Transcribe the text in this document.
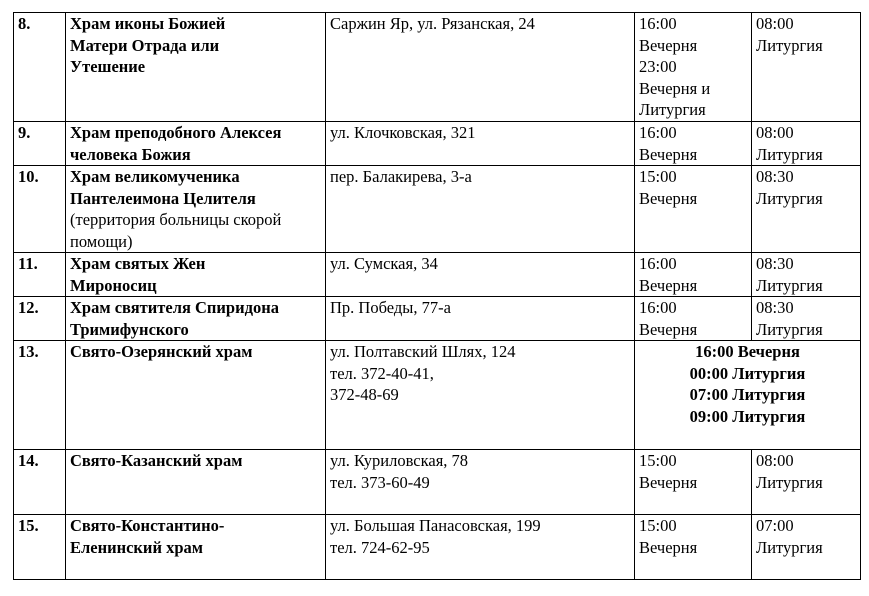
8.	Храм иконы Божией
Матери Отрада или
Утешение	Саржин Яр, ул. Рязанская, 24	16:00
Вечерня
23:00
Вечерня и
Литургия	08:00
Литургия

9.	Храм преподобного Алексея
человека Божия	ул. Клочковская, 321	16:00
Вечерня	08:00
Литургия

10.	Храм великомученика
Пантелеимона Целителя
(территория больницы скорой
помощи)	пер. Балакирева, 3-а	15:00
Вечерня	08:30
Литургия

11.	Храм святых Жен
Мироносиц	ул. Сумская, 34	16:00
Вечерня	08:30
Литургия

12.	Храм святителя Спиридона
Тримифунского	Пр. Победы, 77-а	16:00
Вечерня	08:30
Литургия

13.	Свято-Озерянский храм	ул. Полтавский Шлях, 124
тел. 372-40-41,
372-48-69	16:00 Вечерня
00:00 Литургия
07:00 Литургия
09:00 Литургия	

14.	Свято-Казанский храм	ул. Куриловская, 78
тел. 373-60-49	15:00
Вечерня	08:00
Литургия

15.	Свято-Константино-
Еленинский храм	ул. Большая Панасовская, 199
тел. 724-62-95	15:00
Вечерня	07:00
Литургия
